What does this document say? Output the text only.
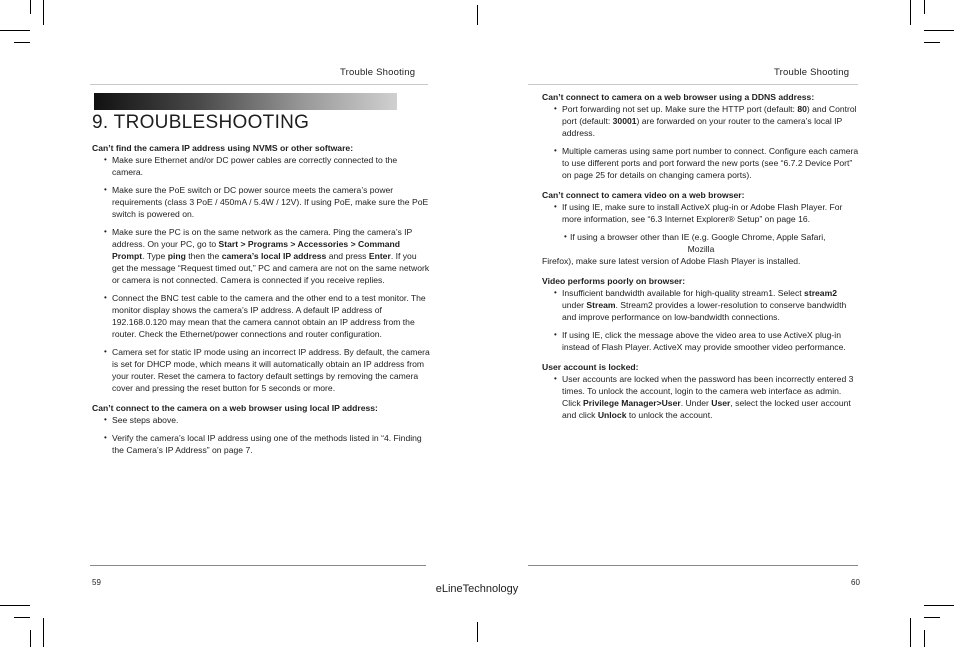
Trouble Shooting
9. TROUBLESHOOTING

Can’t find the camera IP address using NVMS or other software:

• Make sure Ethernet and/or DC power cables are correctly connected to the camera.
• Make sure the PoE switch or DC power source meets the camera’s power requirements (class 3 PoE / 450mA / 5.4W / 12V). If using PoE, make sure the PoE switch is powered on.
• Make sure the PC is on the same network as the camera. Ping the camera’s IP address. On your PC, go to Start > Programs > Accessories > Command Prompt. Type ping then the camera’s local IP address and press Enter. If you get the message “Request timed out,” PC and camera are not on the same network or camera is not connected. Camera is connected if you receive replies.
• Connect the BNC test cable to the camera and the other end to a test monitor. The monitor display shows the camera’s IP address. A default IP address of 192.168.0.120 may mean that the camera cannot obtain an IP address from the router. Check the Ethernet/power connections and router configuration.
• Camera set for static IP mode using an incorrect IP address. By default, the camera is set for DHCP mode, which means it will automatically obtain an IP address from your router. Reset the camera to factory default settings by removing the camera cover and pressing the reset button for 5 seconds or more.

Can’t connect to the camera on a web browser using local IP address:

• See steps above.
• Verify the camera’s local IP address using one of the methods listed in “4. Finding the Camera’s IP Address” on page 7.
59
Trouble Shooting

Can’t connect to camera on a web browser using a DDNS address:

• Port forwarding not set up. Make sure the HTTP port (default: 80) and Control port (default: 30001) are forwarded on your router to the camera’s local IP address.
• Multiple cameras using same port number to connect. Configure each camera to use different ports and port forward the new ports (see “6.7.2 Device Port” on page 25 for details on changing camera ports).

Can’t connect to camera video on a web browser:

• If using IE, make sure to install ActiveX plug-in or Adobe Flash Player. For more information, see “6.3 Internet Explorer® Setup” on page 16.
• If using a browser other than IE (e.g. Google Chrome, Apple Safari,
Mozilla
Firefox), make sure latest version of Adobe Flash Player is installed.

Video performs poorly on browser:

• Insufficient bandwidth available for high-quality stream1. Select stream2 under Stream. Stream2 provides a lower-resolution to conserve bandwidth and improve performance on low-bandwidth connections.
• If using IE, click the message above the video area to use ActiveX plug-in instead of Flash Player. ActiveX may provide smoother video performance.

User account is locked:

• User accounts are locked when the password has been incorrectly entered 3 times. To unlock the account, login to the camera web interface as admin. Click Privilege Manager>User. Under User, select the locked user account and click Unlock to unlock the account.
60
eLineTechnology
